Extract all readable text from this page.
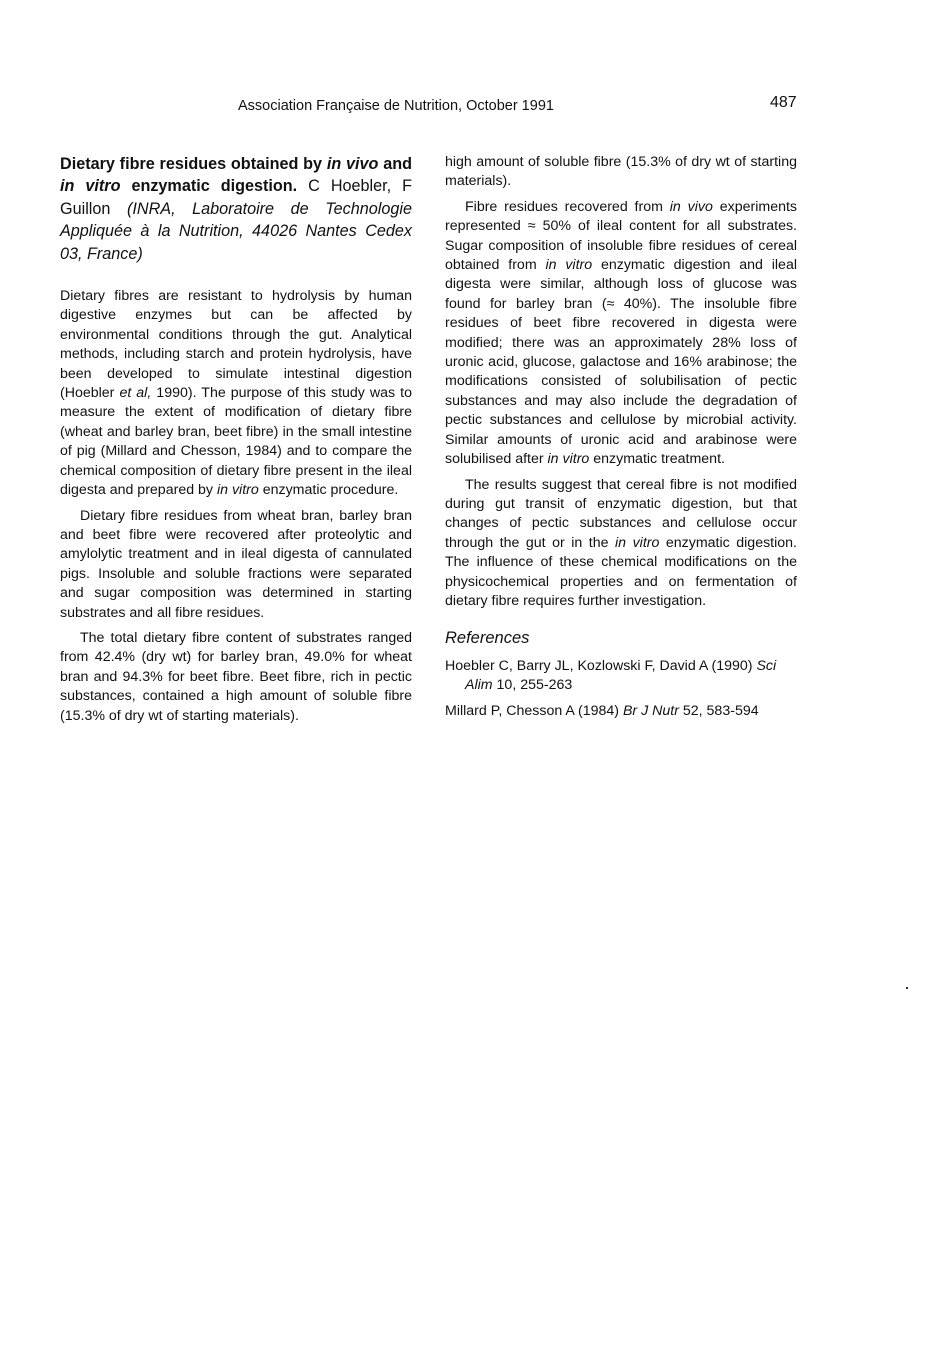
Association Française de Nutrition, October 1991	487
Dietary fibre residues obtained by in vivo and in vitro enzymatic digestion. C Hoebler, F Guillon (INRA, Laboratoire de Technologie Appliquée à la Nutrition, 44026 Nantes Cedex 03, France)

Dietary fibres are resistant to hydrolysis by human digestive enzymes but can be affected by environmental conditions through the gut. Analytical methods, including starch and protein hydrolysis, have been developed to simulate intestinal digestion (Hoebler et al, 1990). The purpose of this study was to measure the extent of modification of dietary fibre (wheat and barley bran, beet fibre) in the small intestine of pig (Millard and Chesson, 1984) and to compare the chemical composition of dietary fibre present in the ileal digesta and prepared by in vitro enzymatic procedure.

Dietary fibre residues from wheat bran, barley bran and beet fibre were recovered after proteolytic and amylolytic treatment and in ileal digesta of cannulated pigs. Insoluble and soluble fractions were separated and sugar composition was determined in starting substrates and all fibre residues.

The total dietary fibre content of substrates ranged from 42.4% (dry wt) for barley bran, 49.0% for wheat bran and 94.3% for beet fibre. Beet fibre, rich in pectic substances, contained a high amount of soluble fibre (15.3% of dry wt of starting materials).

high amount of soluble fibre (15.3% of dry wt of starting materials).

Fibre residues recovered from in vivo experiments represented ≈ 50% of ileal content for all substrates. Sugar composition of insoluble fibre residues of cereal obtained from in vitro enzymatic digestion and ileal digesta were similar, although loss of glucose was found for barley bran (≈ 40%). The insoluble fibre residues of beet fibre recovered in digesta were modified; there was an approximately 28% loss of uronic acid, glucose, galactose and 16% arabinose; the modifications consisted of solubilisation of pectic substances and may also include the degradation of pectic substances and cellulose by microbial activity. Similar amounts of uronic acid and arabinose were solubilised after in vitro enzymatic treatment.

The results suggest that cereal fibre is not modified during gut transit of enzymatic digestion, but that changes of pectic substances and cellulose occur through the gut or in the in vitro enzymatic digestion. The influence of these chemical modifications on the physicochemical properties and on fermentation of dietary fibre requires further investigation.

References
Hoebler C, Barry JL, Kozlowski F, David A (1990) Sci Alim 10, 255-263
Millard P, Chesson A (1984) Br J Nutr 52, 583-594
